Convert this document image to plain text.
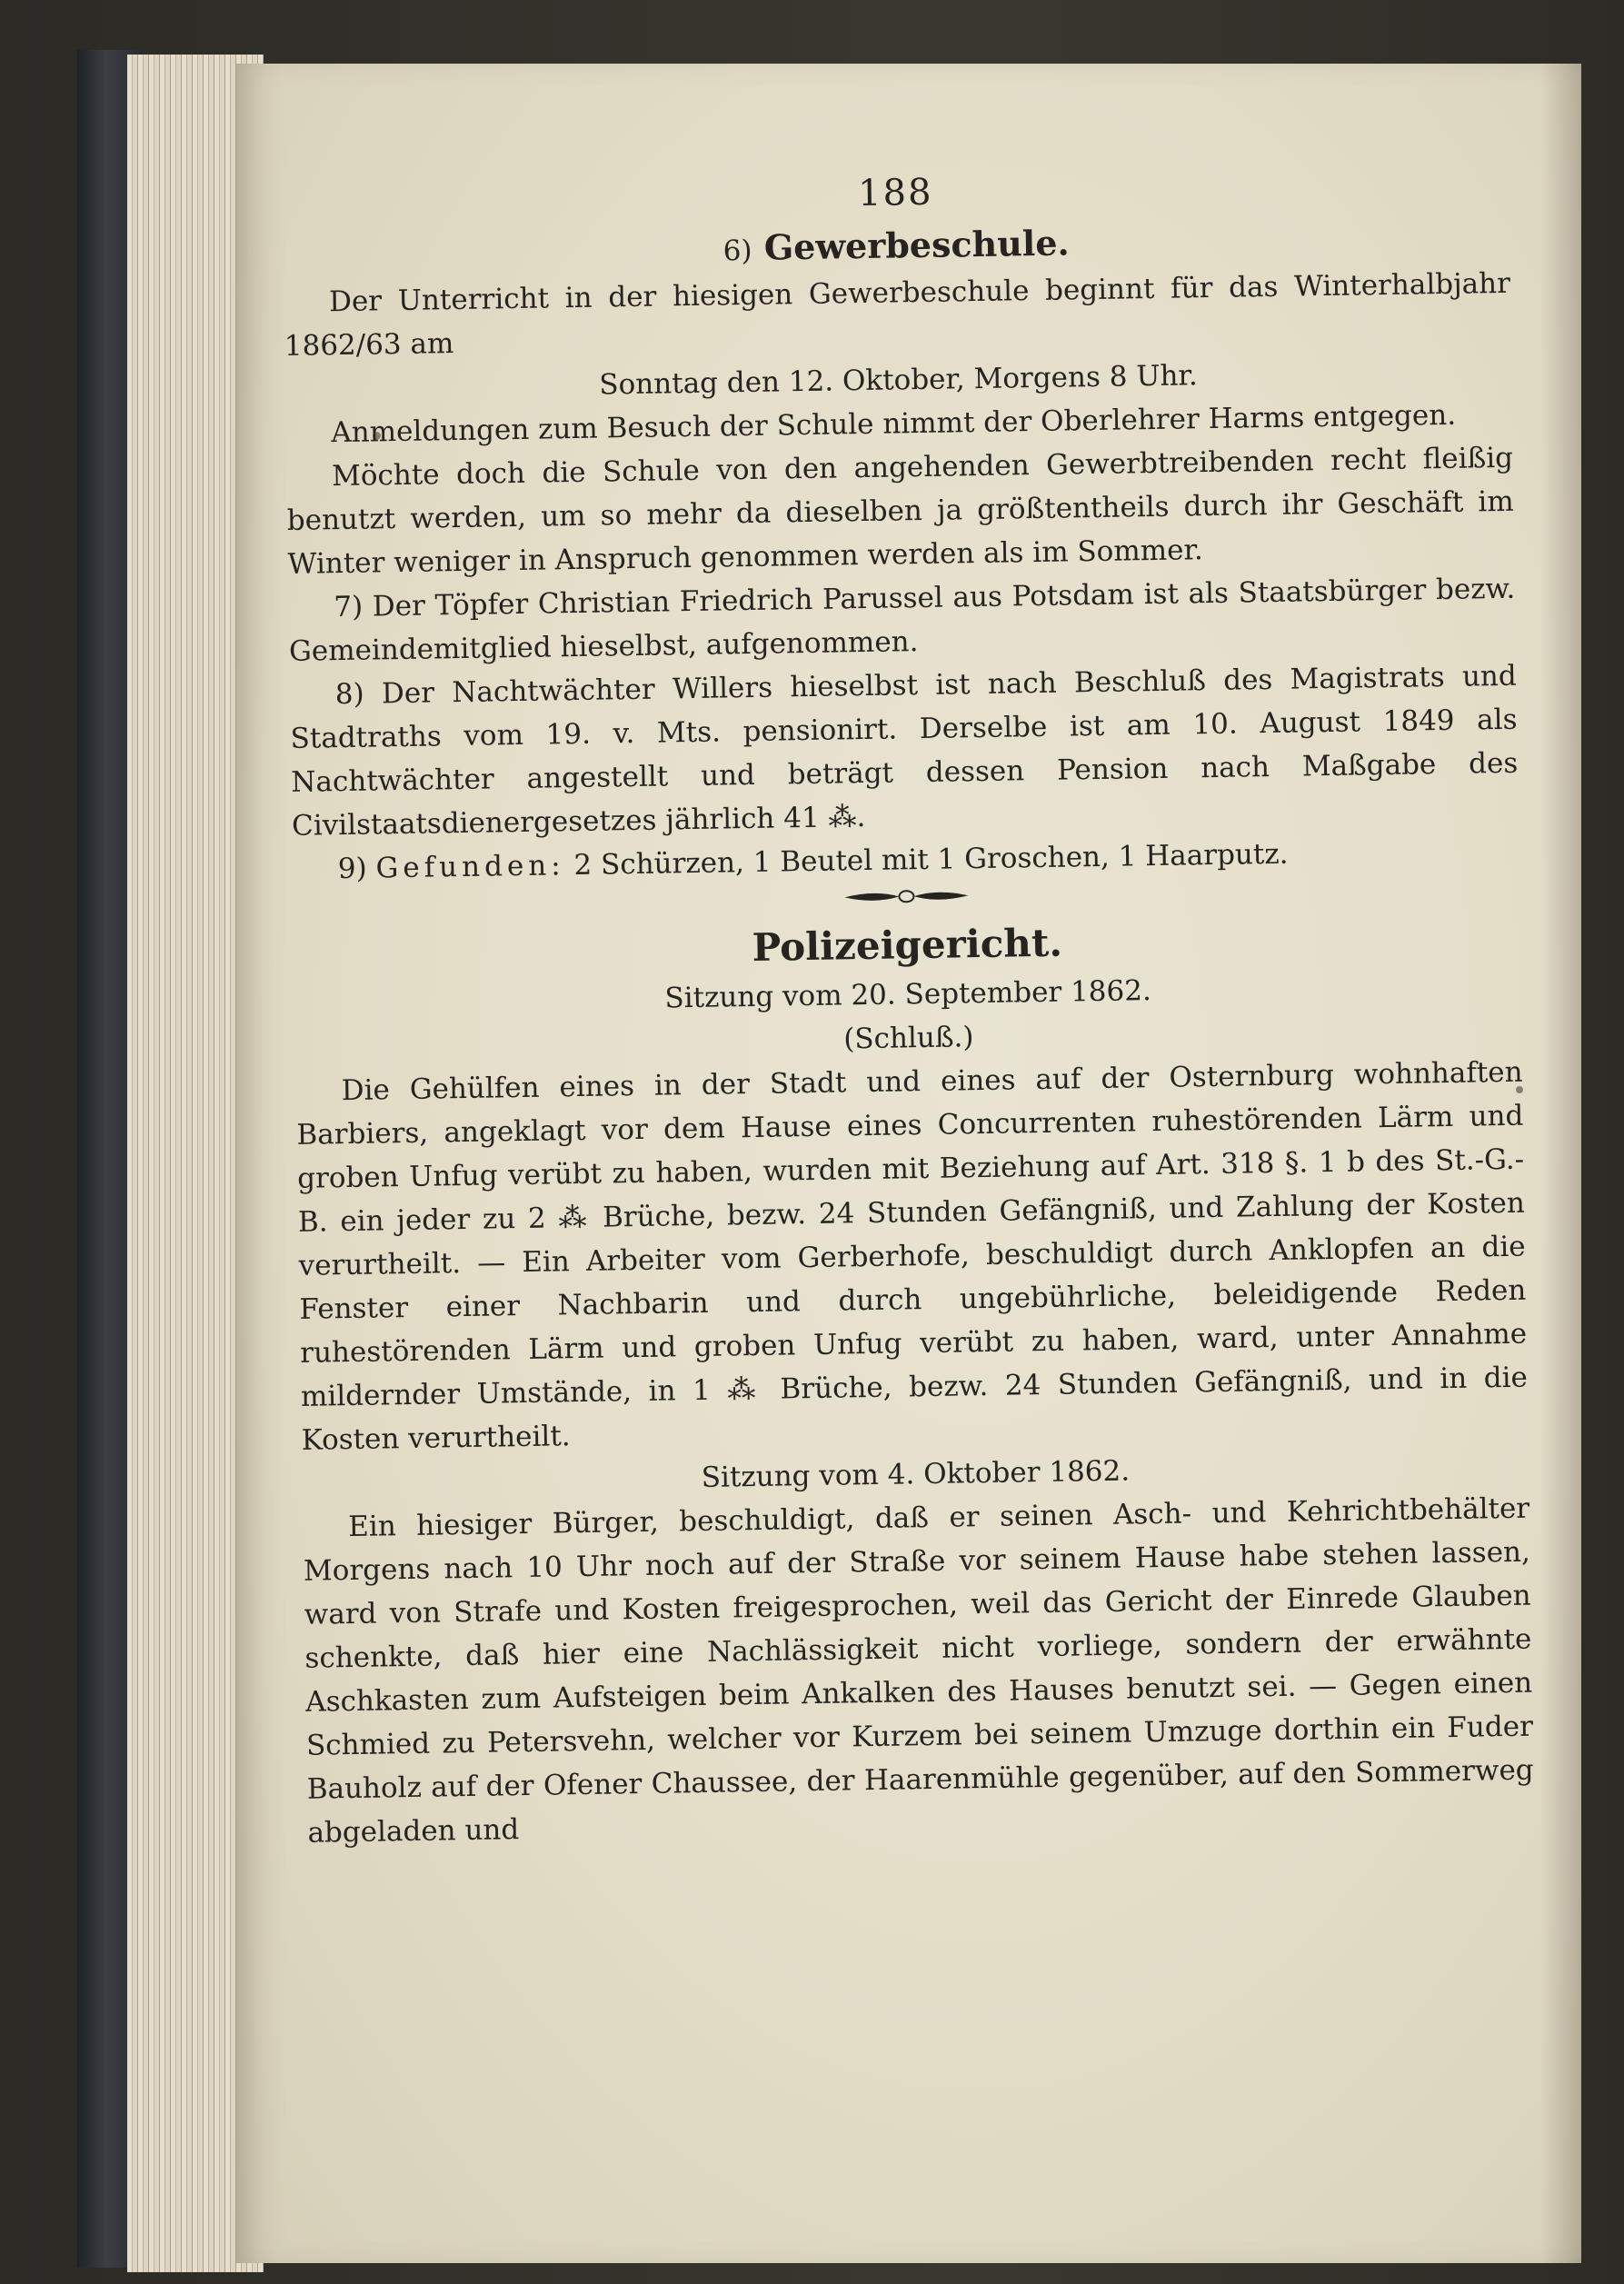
188
6) Gewerbeschule.

Der Unterricht in der hiesigen Gewerbeschule beginnt für das Winterhalbjahr 1862/63 am

Sonntag den 12. Oktober, Morgens 8 Uhr.

Anmeldungen zum Besuch der Schule nimmt der Oberlehrer Harms entgegen.

Möchte doch die Schule von den angehenden Gewerbtreibenden recht fleißig benutzt werden, um so mehr da dieselben ja größtentheils durch ihr Geschäft im Winter weniger in Anspruch genommen werden als im Sommer.

7) Der Töpfer Christian Friedrich Parussel aus Potsdam ist als Staatsbürger bezw. Gemeindemitglied hieselbst, aufgenommen.

8) Der Nachtwächter Willers hieselbst ist nach Beschluß des Magistrats und Stadtraths vom 19. v. Mts. pensionirt. Derselbe ist am 10. August 1849 als Nachtwächter angestellt und beträgt dessen Pension nach Maßgabe des Civilstaatsdienergesetzes jährlich 41 ⁂.

9) Gefunden: 2 Schürzen, 1 Beutel mit 1 Groschen, 1 Haarputz.

Polizeigericht.
Sitzung vom 20. September 1862.
(Schluß.)

Die Gehülfen eines in der Stadt und eines auf der Osternburg wohnhaften Barbiers, angeklagt vor dem Hause eines Concurrenten ruhestörenden Lärm und groben Unfug verübt zu haben, wurden mit Beziehung auf Art. 318 §. 1 b des St.-G.-B. ein jeder zu 2 ⁂ Brüche, bezw. 24 Stunden Gefängniß, und Zahlung der Kosten verurtheilt. — Ein Arbeiter vom Gerberhofe, beschuldigt durch Anklopfen an die Fenster einer Nachbarin und durch ungebührliche, beleidigende Reden ruhestörenden Lärm und groben Unfug verübt zu haben, ward, unter Annahme mildernder Umstände, in 1 ⁂ Brüche, bezw. 24 Stunden Gefängniß, und in die Kosten verurtheilt.

Sitzung vom 4. Oktober 1862.

Ein hiesiger Bürger, beschuldigt, daß er seinen Asch- und Kehrichtbehälter Morgens nach 10 Uhr noch auf der Straße vor seinem Hause habe stehen lassen, ward von Strafe und Kosten freigesprochen, weil das Gericht der Einrede Glauben schenkte, daß hier eine Nachlässigkeit nicht vorliege, sondern der erwähnte Aschkasten zum Aufsteigen beim Ankalken des Hauses benutzt sei. — Gegen einen Schmied zu Petersvehn, welcher vor Kurzem bei seinem Umzuge dorthin ein Fuder Bauholz auf der Ofener Chaussee, der Haarenmühle gegenüber, auf den Sommerweg abgeladen und
